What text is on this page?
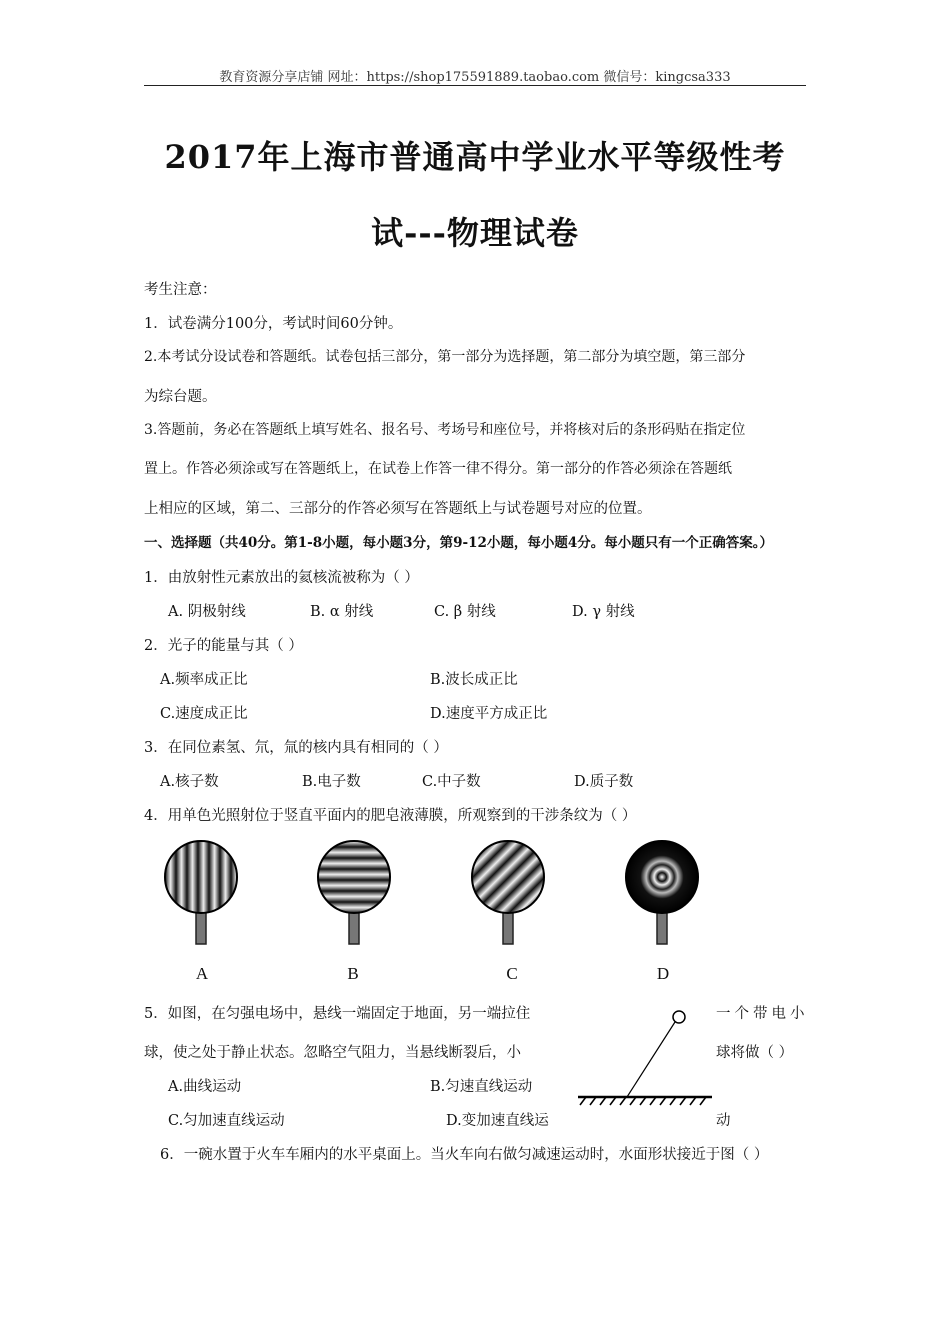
教育资源分享店铺 网址：https://shop175591889.taobao.com 微信号：kingcsa333
2017年上海市普通高中学业水平等级性考
试---物理试卷
考生注意：
1．试卷满分100分，考试时间60分钟。
2.本考试分设试卷和答题纸。试卷包括三部分，第一部分为选择题，第二部分为填空题，第三部分
为综台题。
3.答题前，务必在答题纸上填写姓名、报名号、考场号和座位号，并将核对后的条形码贴在指定位
置上。作答必须涂或写在答题纸上，在试卷上作答一律不得分。第一部分的作答必须涂在答题纸
上相应的区域，第二、三部分的作答必须写在答题纸上与试卷题号对应的位置。
一、选择题（共40分。第1-8小题，每小题3分，第9-12小题，每小题4分。每小题只有一个正确答案。）
1．由放射性元素放出的氦核流被称为（ ）
A. 阴极射线	B. α 射线	C. β 射线	D. γ 射线
2．光子的能量与其（ ）
A.频率成正比	B.波长成正比
C.速度成正比	D.速度平方成正比
3．在同位素氢、氘，氚的核内具有相同的（ ）
A.核子数	B.电子数	C.中子数	D.质子数
4．用单色光照射位于竖直平面内的肥皂液薄膜，所观察到的干涉条纹为（ ）
A	B	C	D
5．如图，在匀强电场中，悬线一端固定于地面，另一端拉住	一个带电小
球，使之处于静止状态。忽略空气阻力，当悬线断裂后，小	球将做（ ）
A.曲线运动	B.匀速直线运动
C.匀加速直线运动	D.变加速直线运	动
6．一碗水置于火车车厢内的水平桌面上。当火车向右做匀减速运动时，水面形状接近于图（ ）
